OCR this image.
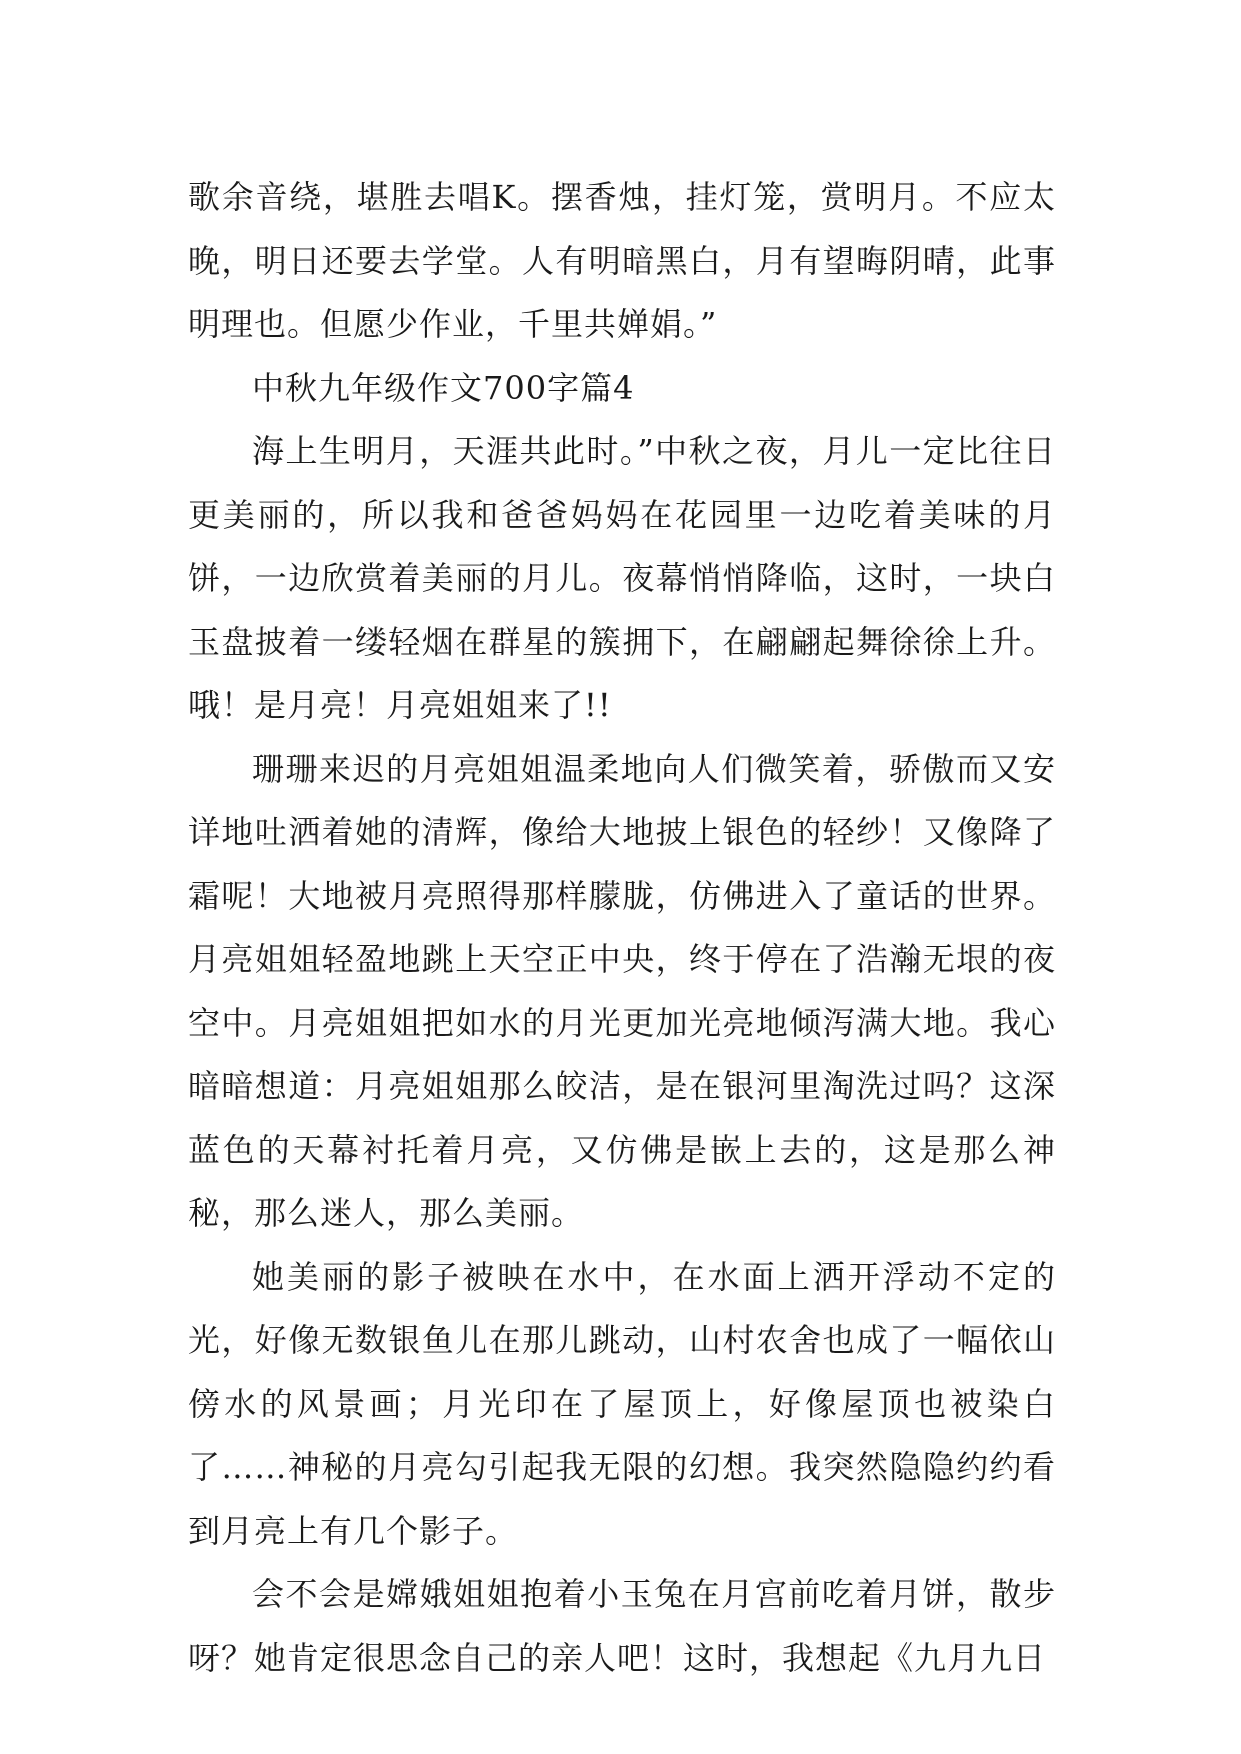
歌余音绕，堪胜去唱K。摆香烛，挂灯笼，赏明月。不应太晚，明日还要去学堂。人有明暗黑白，月有望晦阴晴，此事明理也。但愿少作业，千里共婵娟。”

中秋九年级作文700字篇4

海上生明月，天涯共此时。”中秋之夜，月儿一定比往日更美丽的，所以我和爸爸妈妈在花园里一边吃着美味的月饼，一边欣赏着美丽的月儿。夜幕悄悄降临，这时，一块白玉盘披着一缕轻烟在群星的簇拥下，在翩翩起舞徐徐上升。哦！是月亮！月亮姐姐来了!!

珊珊来迟的月亮姐姐温柔地向人们微笑着，骄傲而又安详地吐洒着她的清辉，像给大地披上银色的轻纱！又像降了霜呢！大地被月亮照得那样朦胧，仿佛进入了童话的世界。月亮姐姐轻盈地跳上天空正中央，终于停在了浩瀚无垠的夜空中。月亮姐姐把如水的月光更加光亮地倾泻满大地。我心暗暗想道：月亮姐姐那么皎洁，是在银河里淘洗过吗？这深蓝色的天幕衬托着月亮，又仿佛是嵌上去的，这是那么神秘，那么迷人，那么美丽。

她美丽的影子被映在水中，在水面上洒开浮动不定的光，好像无数银鱼儿在那儿跳动，山村农舍也成了一幅依山傍水的风景画；月光印在了屋顶上，好像屋顶也被染白了……神秘的月亮勾引起我无限的幻想。我突然隐隐约约看到月亮上有几个影子。

会不会是嫦娥姐姐抱着小玉兔在月宫前吃着月饼，散步呀？她肯定很思念自己的亲人吧！这时，我想起《九月九日
